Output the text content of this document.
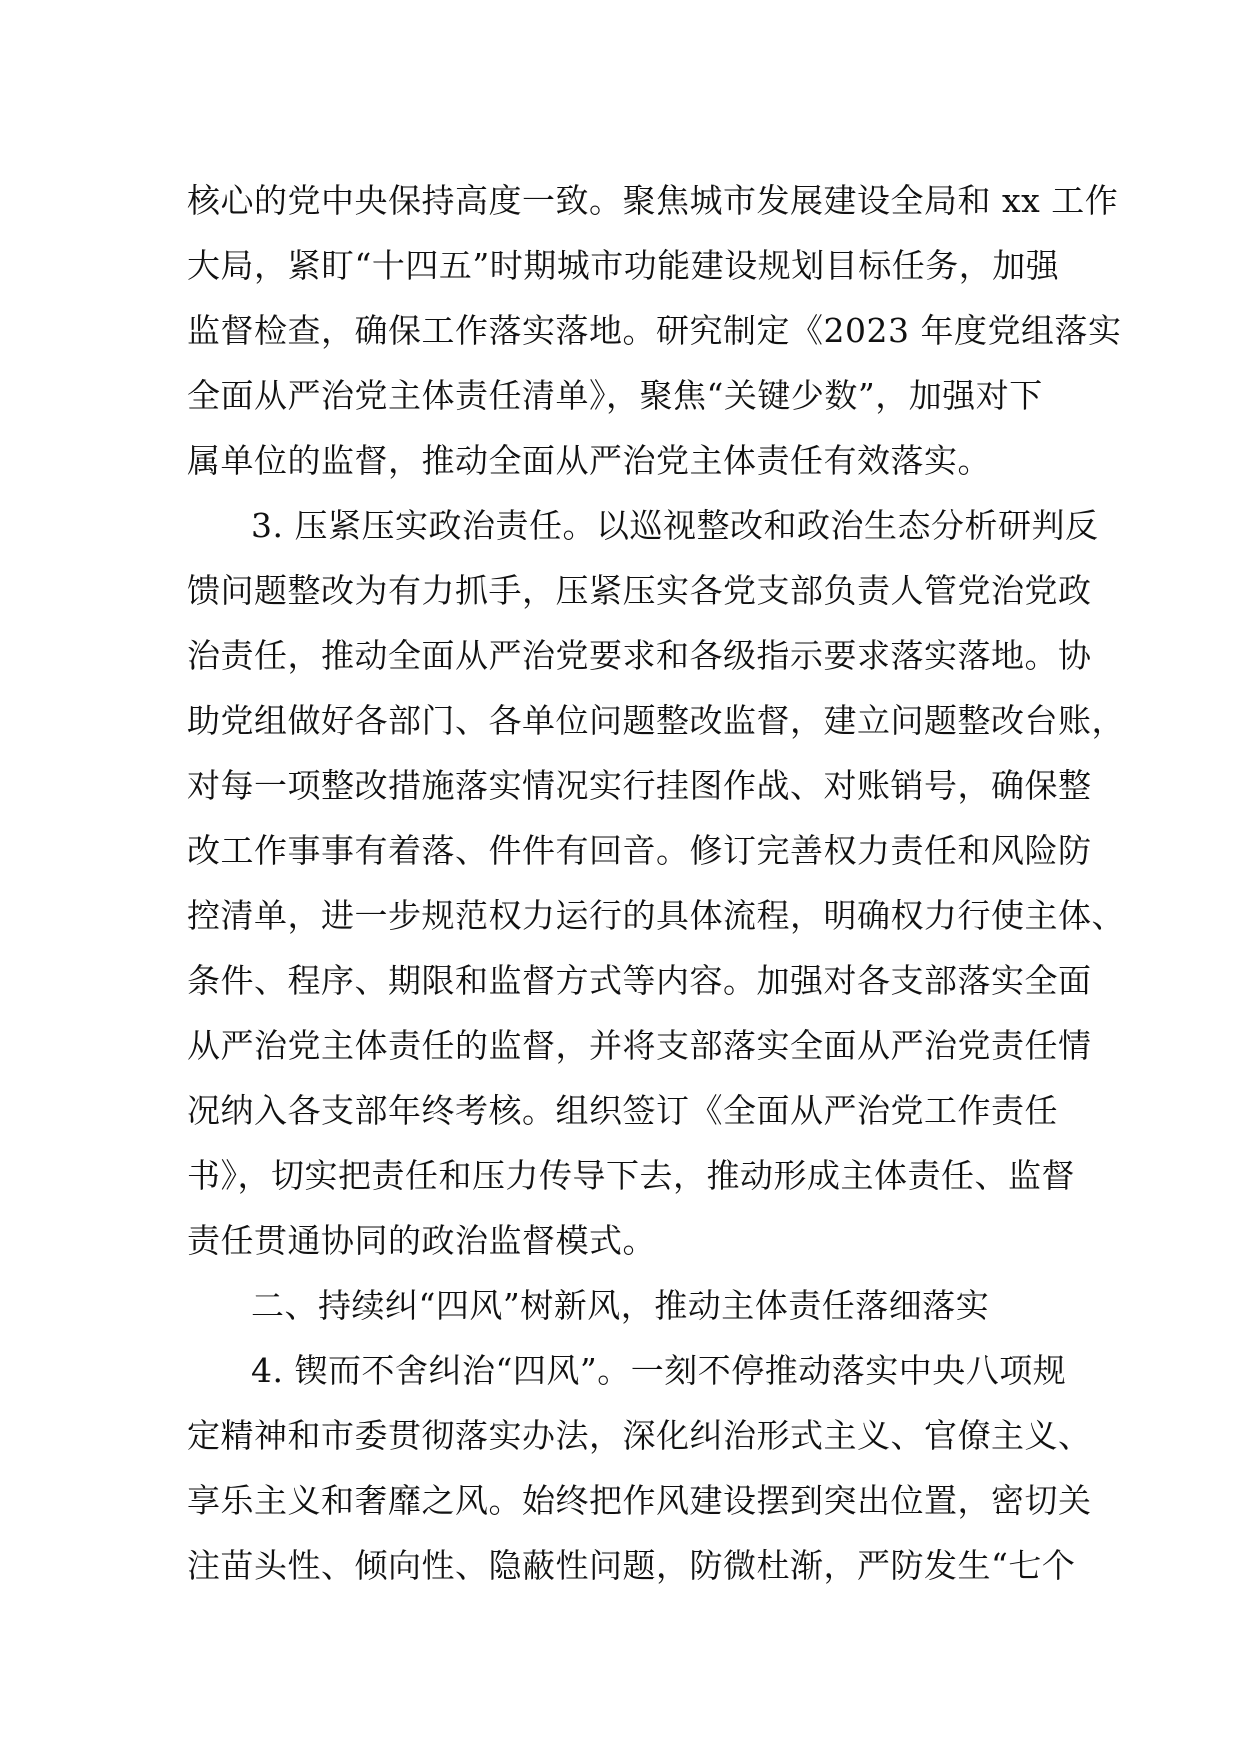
核心的党中央保持高度一致。聚焦城市发展建设全局和 xx 工作
大局，紧盯“十四五”时期城市功能建设规划目标任务，加强
监督检查，确保工作落实落地。研究制定《2023 年度党组落实
全面从严治党主体责任清单》，聚焦“关键少数”，加强对下
属单位的监督，推动全面从严治党主体责任有效落实。
3. 压紧压实政治责任。以巡视整改和政治生态分析研判反
馈问题整改为有力抓手，压紧压实各党支部负责人管党治党政
治责任，推动全面从严治党要求和各级指示要求落实落地。协
助党组做好各部门、各单位问题整改监督，建立问题整改台账，
对每一项整改措施落实情况实行挂图作战、对账销号，确保整
改工作事事有着落、件件有回音。修订完善权力责任和风险防
控清单，进一步规范权力运行的具体流程，明确权力行使主体、
条件、程序、期限和监督方式等内容。加强对各支部落实全面
从严治党主体责任的监督，并将支部落实全面从严治党责任情
况纳入各支部年终考核。组织签订《全面从严治党工作责任
书》，切实把责任和压力传导下去，推动形成主体责任、监督
责任贯通协同的政治监督模式。
二、持续纠“四风”树新风，推动主体责任落细落实
4. 锲而不舍纠治“四风”。一刻不停推动落实中央八项规
定精神和市委贯彻落实办法，深化纠治形式主义、官僚主义、
享乐主义和奢靡之风。始终把作风建设摆到突出位置，密切关
注苗头性、倾向性、隐蔽性问题，防微杜渐，严防发生“七个
